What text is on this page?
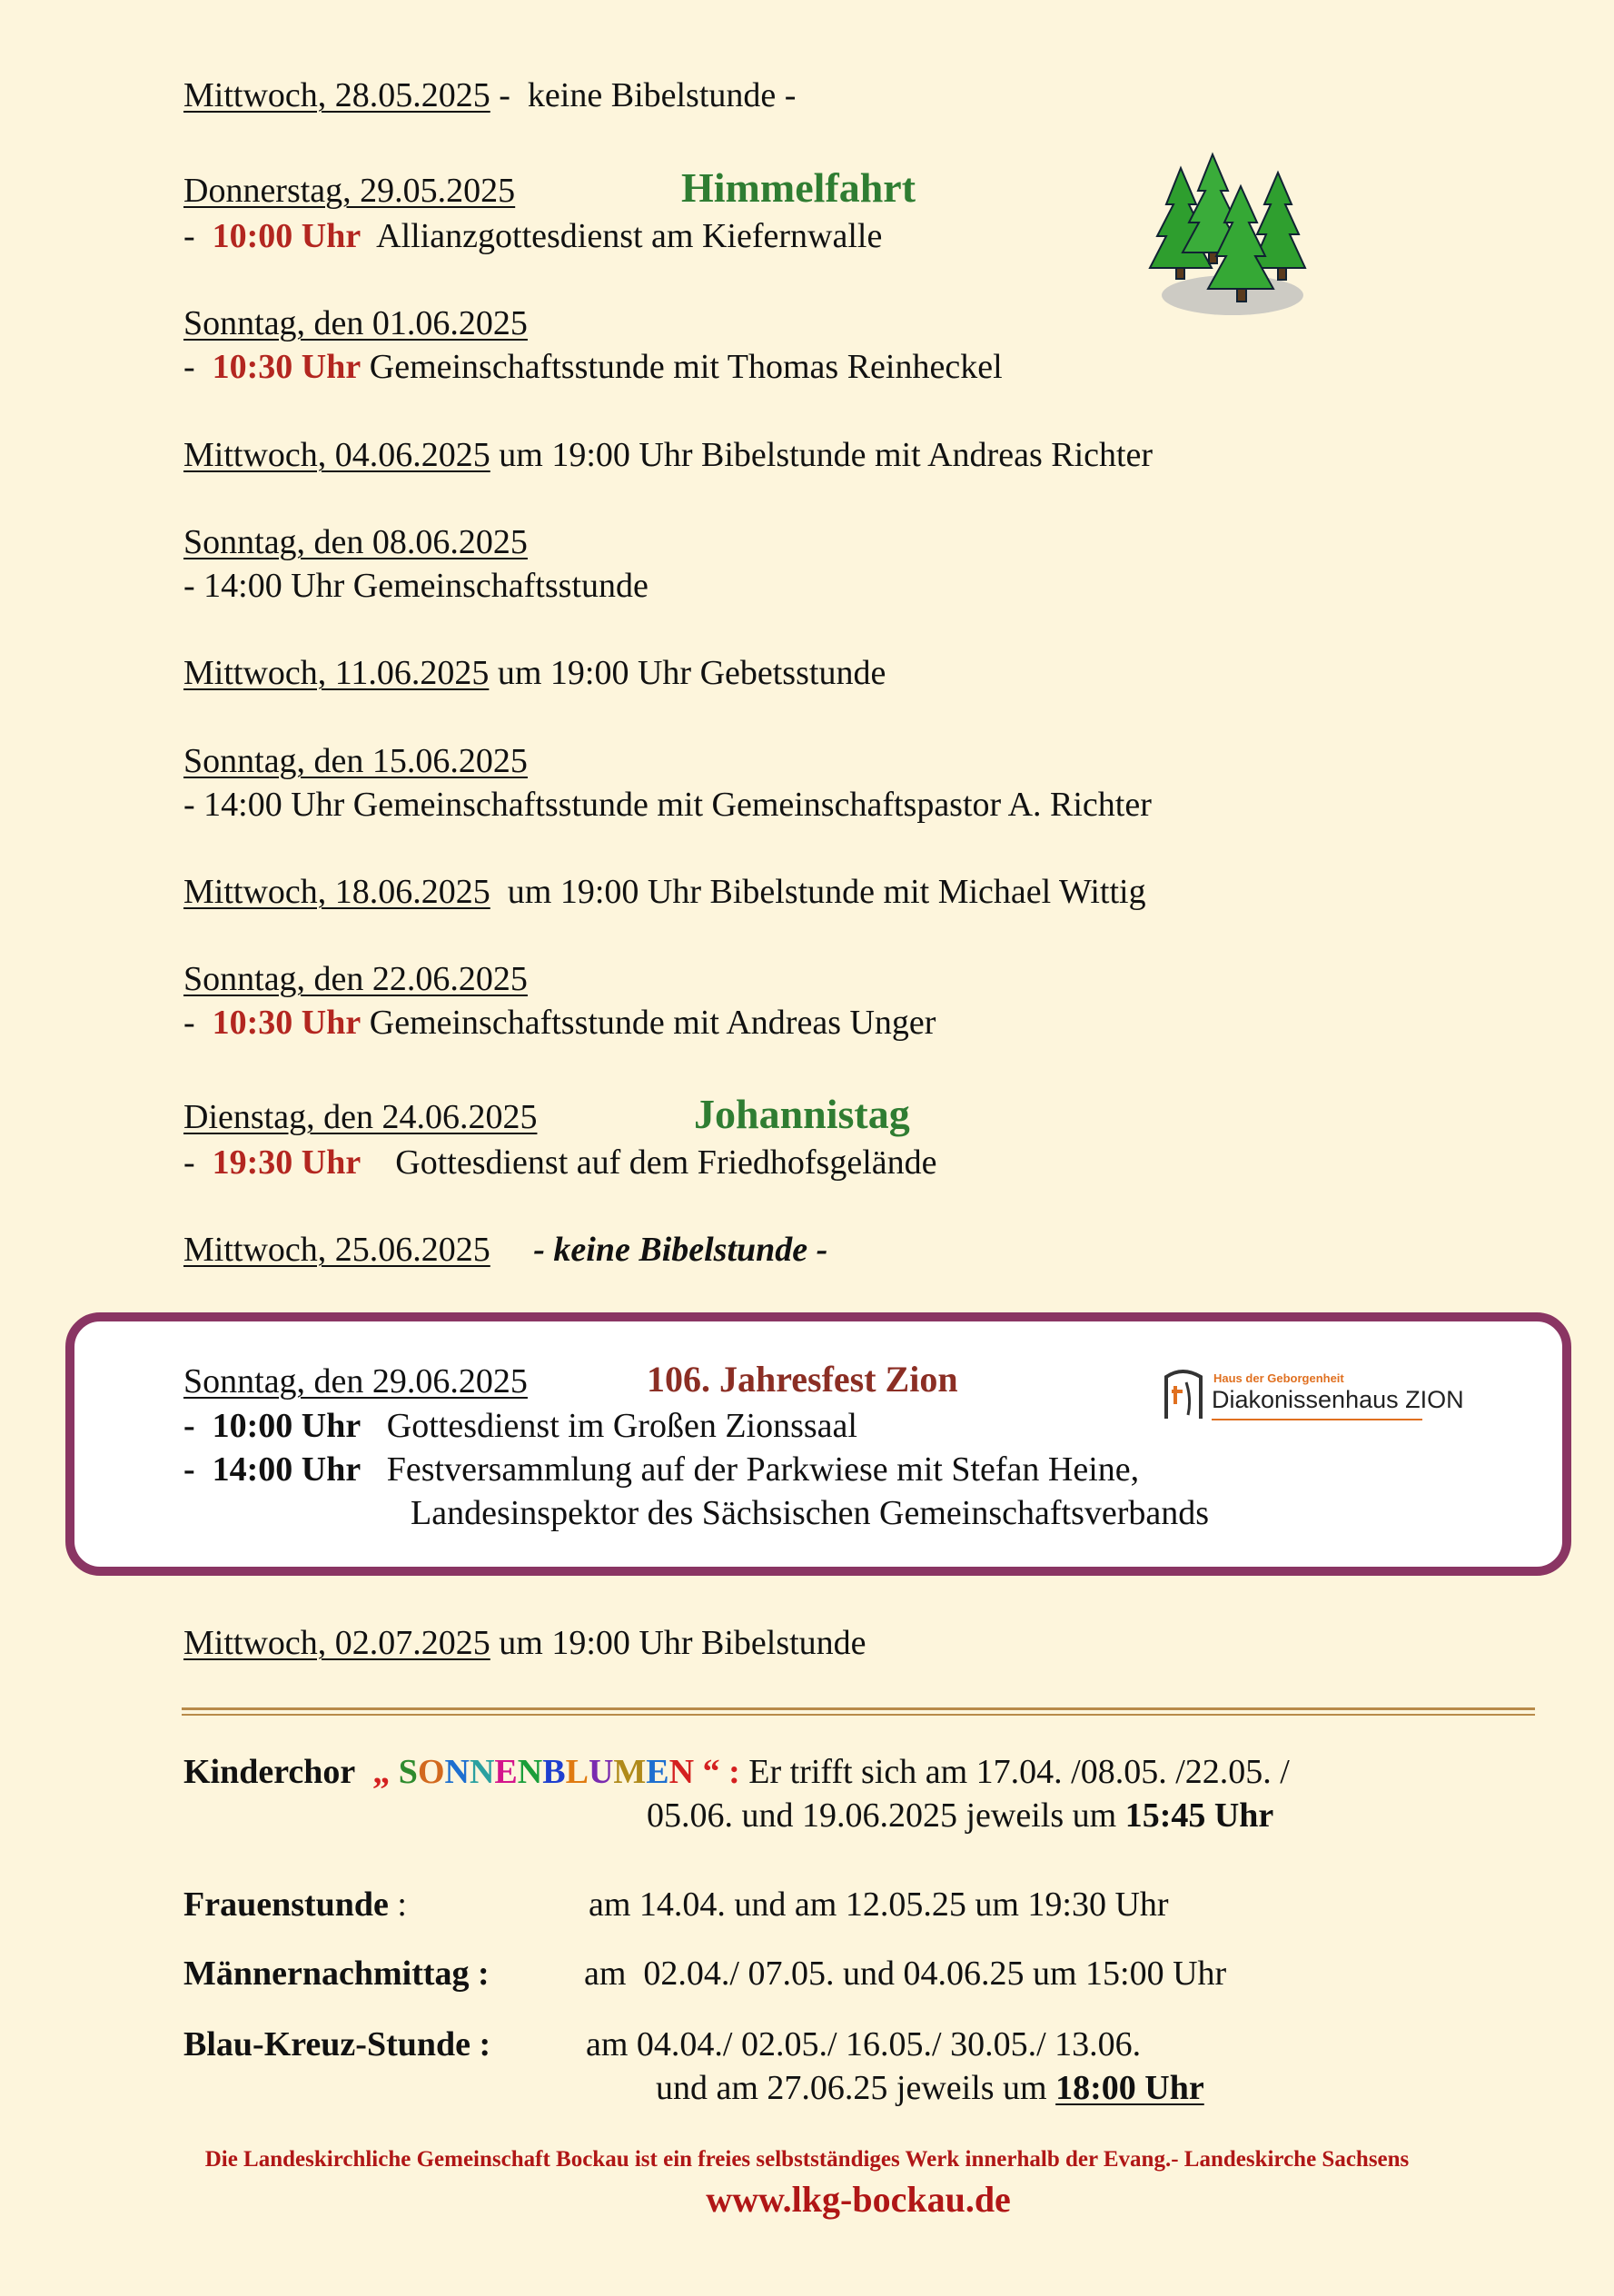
Mittwoch, 28.05.2025 -  keine Bibelstunde -
Donnerstag, 29.05.2025	Himmelfahrt
-  10:00 Uhr Allianzgottesdienst am Kiefernwalle
Sonntag, den 01.06.2025
-  10:30 Uhr Gemeinschaftsstunde mit Thomas Reinheckel
Mittwoch, 04.06.2025 um 19:00 Uhr Bibelstunde mit Andreas Richter
Sonntag, den 08.06.2025
- 14:00 Uhr Gemeinschaftsstunde
Mittwoch, 11.06.2025 um 19:00 Uhr Gebetsstunde
Sonntag, den 15.06.2025
- 14:00 Uhr Gemeinschaftsstunde mit Gemeinschaftspastor A. Richter
Mittwoch, 18.06.2025 um 19:00 Uhr Bibelstunde mit Michael Wittig
Sonntag, den 22.06.2025
-  10:30 Uhr Gemeinschaftsstunde mit Andreas Unger
Dienstag, den 24.06.2025	Johannistag
-  19:30 Uhr Gottesdienst auf dem Friedhofsgelände
Mittwoch, 25.06.2025 - keine Bibelstunde -
Sonntag, den 29.06.2025	106. Jahresfest Zion
-  10:00 Uhr Gottesdienst im Großen Zionssaal
-  14:00 Uhr Festversammlung auf der Parkwiese mit Stefan Heine,
Landesinspektor des Sächsischen Gemeinschaftsverbands
Haus der Geborgenheit
Diakonissenhaus ZION
Mittwoch, 02.07.2025 um 19:00 Uhr Bibelstunde
Kinderchor „ SONNENBLUMEN “ : Er trifft sich am 17.04. /08.05. /22.05. /
05.06. und 19.06.2025 jeweils um 15:45 Uhr
Frauenstunde :	am 14.04. und am 12.05.25 um 19:30 Uhr
Männernachmittag :	am  02.04./ 07.05. und 04.06.25 um 15:00 Uhr
Blau-Kreuz-Stunde :	am 04.04./ 02.05./ 16.05./ 30.05./ 13.06.
und am 27.06.25 jeweils um 18:00 Uhr
Die Landeskirchliche Gemeinschaft Bockau ist ein freies selbstständiges Werk innerhalb der Evang.- Landeskirche Sachsens
www.lkg-bockau.de
